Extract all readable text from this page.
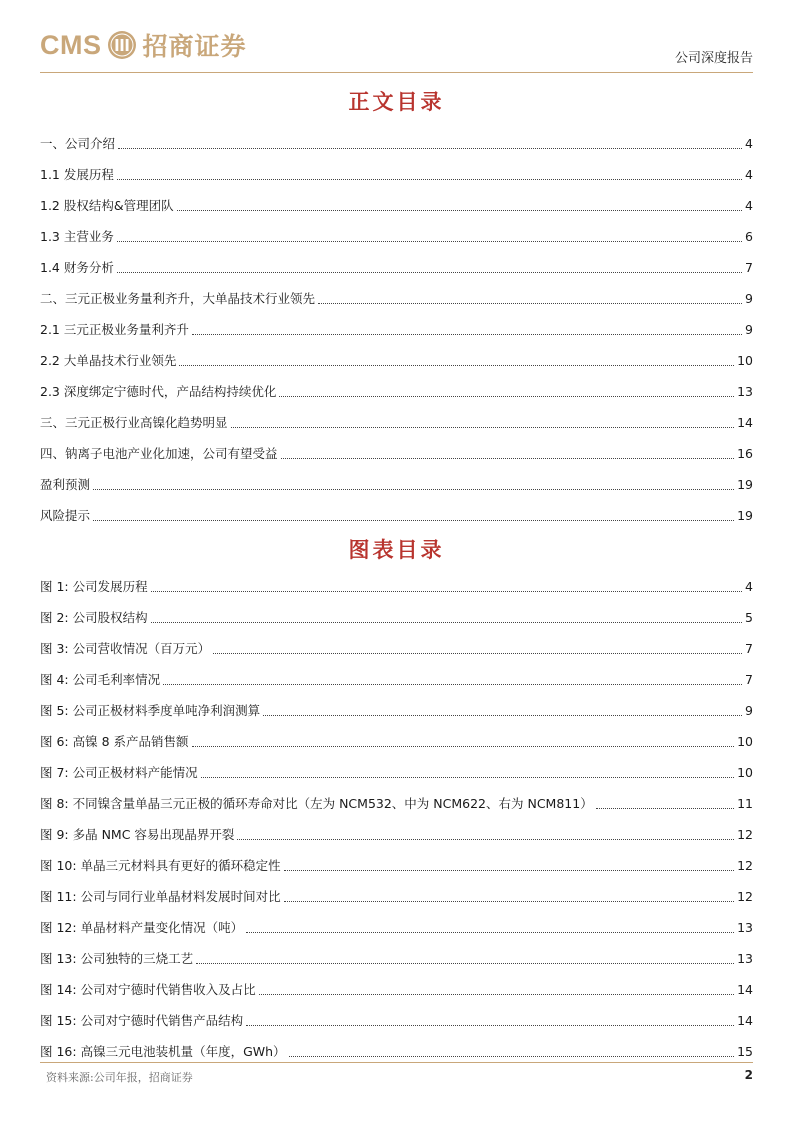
CMS 招商证券	公司深度报告
正文目录
一、公司介绍	4
1.1 发展历程	4
1.2 股权结构&管理团队	4
1.3 主营业务	6
1.4 财务分析	7
二、三元正极业务量利齐升，大单晶技术行业领先	9
2.1 三元正极业务量利齐升	9
2.2 大单晶技术行业领先	10
2.3 深度绑定宁德时代，产品结构持续优化	13
三、三元正极行业高镍化趋势明显	14
四、钠离子电池产业化加速，公司有望受益	16
盈利预测	19
风险提示	19
图表目录
图 1: 公司发展历程	4
图 2: 公司股权结构	5
图 3: 公司营收情况（百万元）	7
图 4: 公司毛利率情况	7
图 5: 公司正极材料季度单吨净利润测算	9
图 6: 高镍 8 系产品销售额	10
图 7: 公司正极材料产能情况	10
图 8: 不同镍含量单晶三元正极的循环寿命对比（左为 NCM532、中为 NCM622、右为 NCM811）	11
图 9: 多晶 NMC 容易出现晶界开裂	12
图 10: 单晶三元材料具有更好的循环稳定性	12
图 11: 公司与同行业单晶材料发展时间对比	12
图 12: 单晶材料产量变化情况（吨）	13
图 13: 公司独特的三烧工艺	13
图 14: 公司对宁德时代销售收入及占比	14
图 15: 公司对宁德时代销售产品结构	14
图 16: 高镍三元电池装机量（年度，GWh）	15
资料来源:公司年报，招商证券	2
